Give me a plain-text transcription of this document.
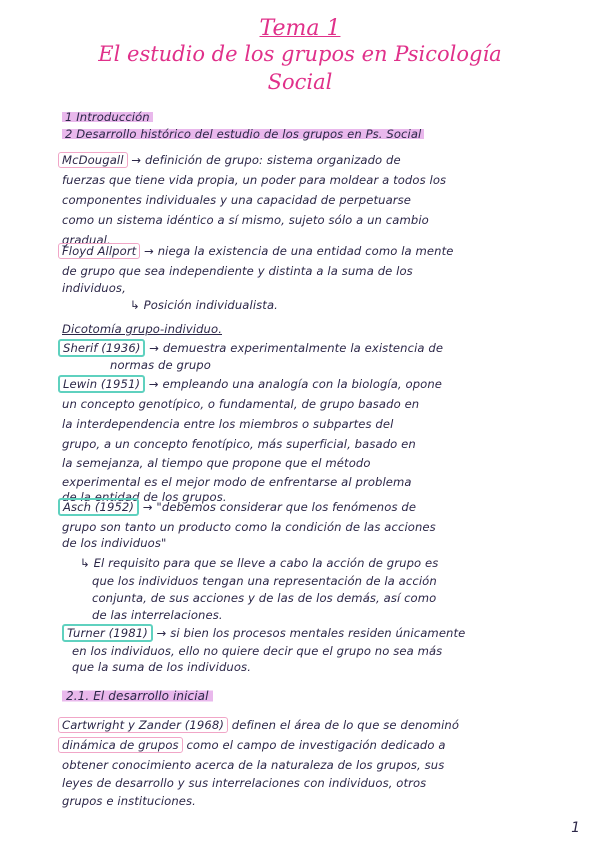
Tema 1
El estudio de los grupos en Psicología
Social
1 Introducción
2 Desarrollo histórico del estudio de los grupos en Ps. Social
McDougall → definición de grupo: sistema organizado de
fuerzas que tiene vida propia, un poder para moldear a todos los
componentes individuales y una capacidad de perpetuarse
como un sistema idéntico a sí mismo, sujeto sólo a un cambio
gradual.
Floyd Allport → niega la existencia de una entidad como la mente
de grupo que sea independiente y distinta a la suma de los
individuos,
↳ Posición individualista.
Dicotomía grupo-individuo.
Sherif (1936) → demuestra experimentalmente la existencia de
normas de grupo
Lewin (1951) → empleando una analogía con la biología, opone
un concepto genotípico, o fundamental, de grupo basado en
la interdependencia entre los miembros o subpartes del
grupo, a un concepto fenotípico, más superficial, basado en
la semejanza, al tiempo que propone que el método
experimental es el mejor modo de enfrentarse al problema
de la entidad de los grupos.
Asch (1952) → "debemos considerar que los fenómenos de
grupo son tanto un producto como la condición de las acciones
de los individuos"
↳ El requisito para que se lleve a cabo la acción de grupo es
que los individuos tengan una representación de la acción
conjunta, de sus acciones y de las de los demás, así como
de las interrelaciones.
Turner (1981) → si bien los procesos mentales residen únicamente
en los individuos, ello no quiere decir que el grupo no sea más
que la suma de los individuos.
2.1. El desarrollo inicial
Cartwright y Zander (1968) definen el área de lo que se denominó
dinámica de grupos como el campo de investigación dedicado a
obtener conocimiento acerca de la naturaleza de los grupos, sus
leyes de desarrollo y sus interrelaciones con individuos, otros
grupos e instituciones.
1
